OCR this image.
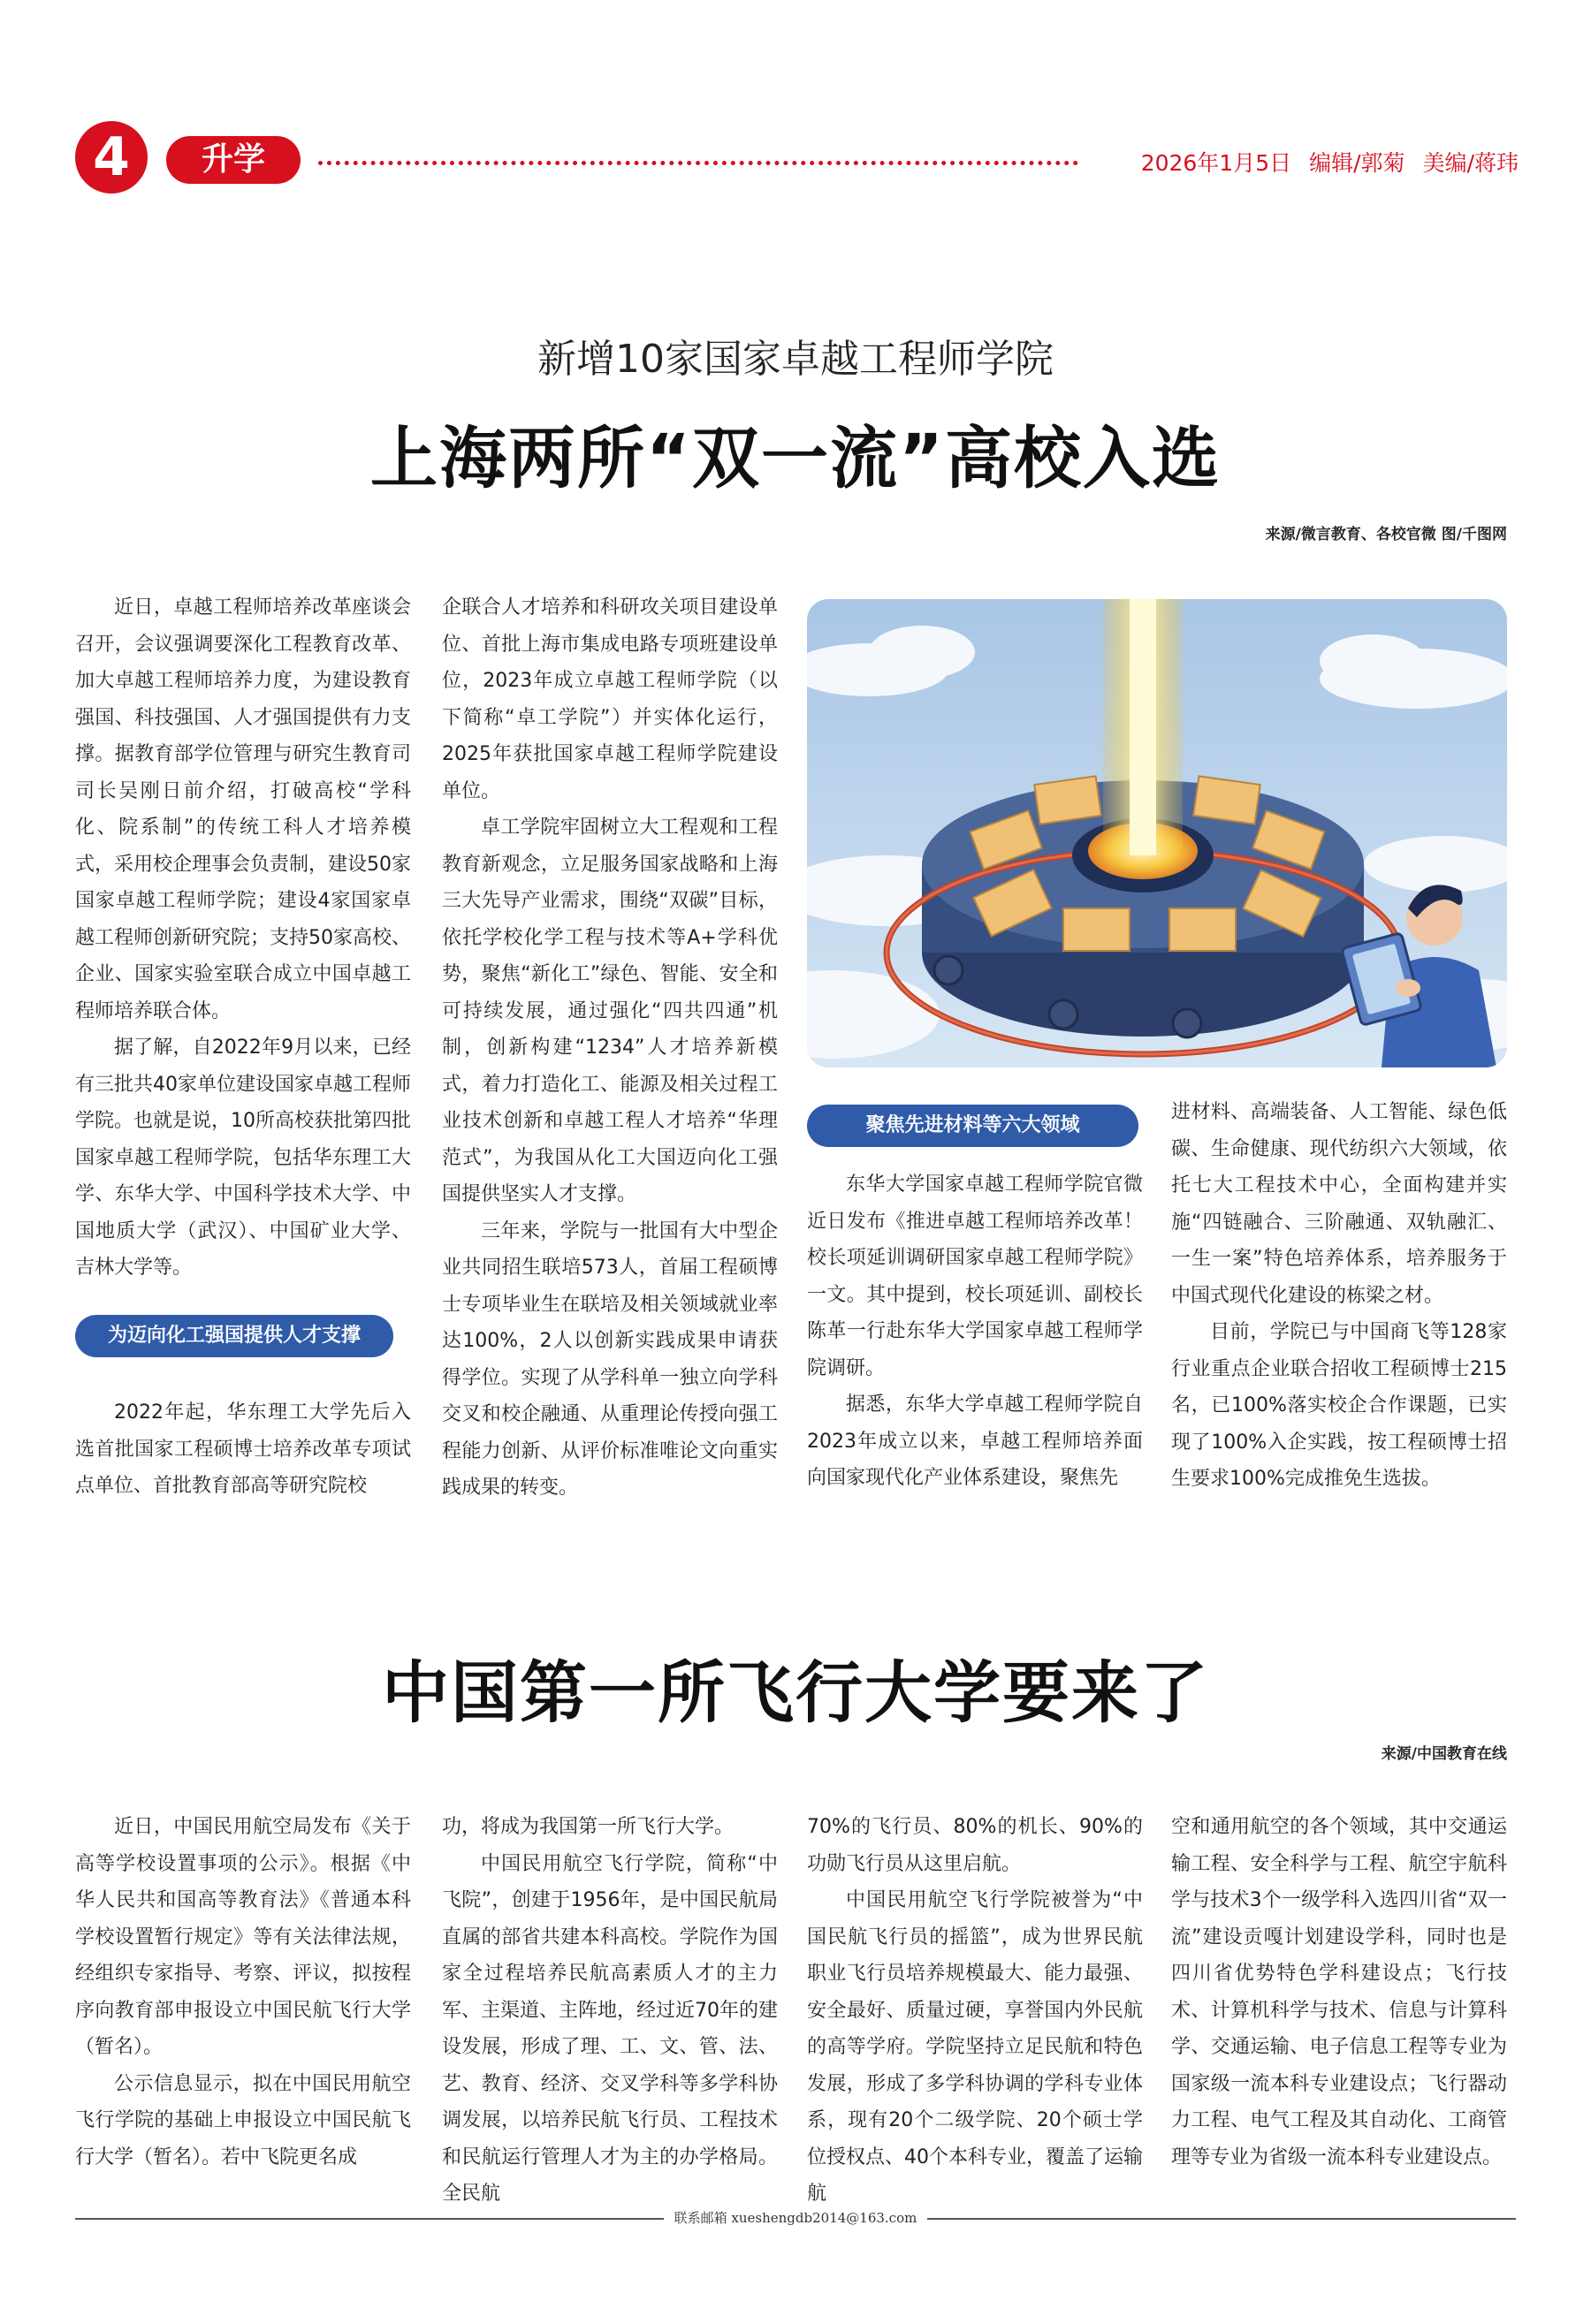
4	升学	2026年1月5日 编辑/郭菊 美编/蒋玮
新增10家国家卓越工程师学院
上海两所“双一流”高校入选
来源/微言教育、各校官微 图/千图网

近日，卓越工程师培养改革座谈会召开，会议强调要深化工程教育改革、加大卓越工程师培养力度，为建设教育强国、科技强国、人才强国提供有力支撑。据教育部学位管理与研究生教育司司长吴刚日前介绍，打破高校“学科化、院系制”的传统工科人才培养模式，采用校企理事会负责制，建设50家国家卓越工程师学院；建设4家国家卓越工程师创新研究院；支持50家高校、企业、国家实验室联合成立中国卓越工程师培养联合体。

据了解，自2022年9月以来，已经有三批共40家单位建设国家卓越工程师学院。也就是说，10所高校获批第四批国家卓越工程师学院，包括华东理工大学、东华大学、中国科学技术大学、中国地质大学（武汉）、中国矿业大学、吉林大学等。

为迈向化工强国提供人才支撑

2022年起，华东理工大学先后入选首批国家工程硕博士培养改革专项试点单位、首批教育部高等研究院校

企联合人才培养和科研攻关项目建设单位、首批上海市集成电路专项班建设单位，2023年成立卓越工程师学院（以下简称“卓工学院”）并实体化运行，2025年获批国家卓越工程师学院建设单位。

卓工学院牢固树立大工程观和工程教育新观念，立足服务国家战略和上海三大先导产业需求，围绕“双碳”目标，依托学校化学工程与技术等A+学科优势，聚焦“新化工”绿色、智能、安全和可持续发展，通过强化“四共四通”机制，创新构建“1234”人才培养新模式，着力打造化工、能源及相关过程工业技术创新和卓越工程人才培养“华理范式”，为我国从化工大国迈向化工强国提供坚实人才支撑。

三年来，学院与一批国有大中型企业共同招生联培573人，首届工程硕博士专项毕业生在联培及相关领域就业率达100%，2人以创新实践成果申请获得学位。实现了从学科单一独立向学科交叉和校企融通、从重理论传授向强工程能力创新、从评价标准唯论文向重实践成果的转变。

聚焦先进材料等六大领域

东华大学国家卓越工程师学院官微近日发布《推进卓越工程师培养改革！校长项延训调研国家卓越工程师学院》一文。其中提到，校长项延训、副校长陈革一行赴东华大学国家卓越工程师学院调研。

据悉，东华大学卓越工程师学院自2023年成立以来，卓越工程师培养面向国家现代化产业体系建设，聚焦先

进材料、高端装备、人工智能、绿色低碳、生命健康、现代纺织六大领域，依托七大工程技术中心，全面构建并实施“四链融合、三阶融通、双轨融汇、一生一案”特色培养体系，培养服务于中国式现代化建设的栋梁之材。

目前，学院已与中国商飞等128家行业重点企业联合招收工程硕博士215名，已100%落实校企合作课题，已实现了100%入企实践，按工程硕博士招生要求100%完成推免生选拔。

中国第一所飞行大学要来了
来源/中国教育在线

近日，中国民用航空局发布《关于高等学校设置事项的公示》。根据《中华人民共和国高等教育法》《普通本科学校设置暂行规定》等有关法律法规，经组织专家指导、考察、评议，拟按程序向教育部申报设立中国民航飞行大学（暂名）。

公示信息显示，拟在中国民用航空飞行学院的基础上申报设立中国民航飞行大学（暂名）。若中飞院更名成

功，将成为我国第一所飞行大学。

中国民用航空飞行学院，简称“中飞院”，创建于1956年，是中国民航局直属的部省共建本科高校。学院作为国家全过程培养民航高素质人才的主力军、主渠道、主阵地，经过近70年的建设发展，形成了理、工、文、管、法、艺、教育、经济、交叉学科等多学科协调发展，以培养民航飞行员、工程技术和民航运行管理人才为主的办学格局。全民航

70%的飞行员、80%的机长、90%的功勋飞行员从这里启航。

中国民用航空飞行学院被誉为“中国民航飞行员的摇篮”，成为世界民航职业飞行员培养规模最大、能力最强、安全最好、质量过硬，享誉国内外民航的高等学府。学院坚持立足民航和特色发展，形成了多学科协调的学科专业体系，现有20个二级学院、20个硕士学位授权点、40个本科专业，覆盖了运输航

空和通用航空的各个领域，其中交通运输工程、安全科学与工程、航空宇航科学与技术3个一级学科入选四川省“双一流”建设贡嘎计划建设学科，同时也是四川省优势特色学科建设点；飞行技术、计算机科学与技术、信息与计算科学、交通运输、电子信息工程等专业为国家级一流本科专业建设点；飞行器动力工程、电气工程及其自动化、工商管理等专业为省级一流本科专业建设点。

联系邮箱 xueshengdb2014@163.com
